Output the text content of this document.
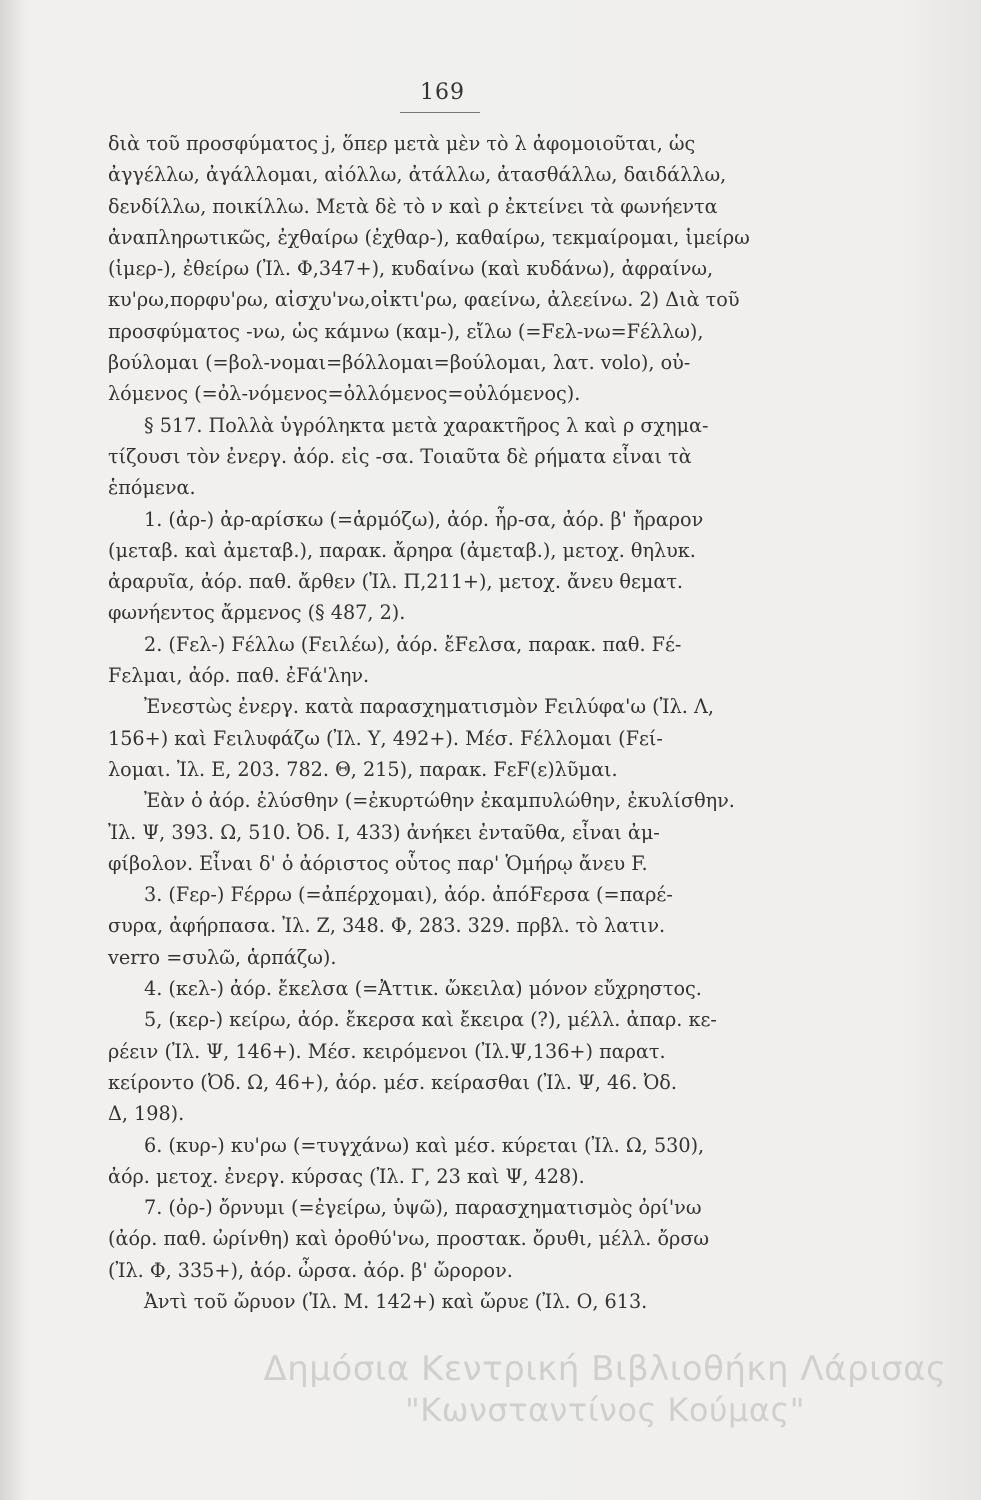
169
διὰ τοῦ προσφύματος j, ὅπερ μετὰ μὲν τὸ λ ἀφομοιοῦται, ὡς
ἀγγέλλω, ἀγάλλομαι, αἰόλλω, ἀτάλλω, ἀτασθάλλω, δαιδάλλω,
δενδίλλω, ποικίλλω. Μετὰ δὲ τὸ ν καὶ ρ ἐκτείνει τὰ φωνήεντα
ἀναπληρωτικῶς, ἐχθαίρω (ἐχθαρ-), καθαίρω, τεκμαίρομαι, ἱμείρω
(ἱμερ-), ἐθείρω (Ἰλ. Φ,347+), κυδαίνω (καὶ κυδάνω), ἀφραίνω,
κυ'ρω,πορφυ'ρω, αἰσχυ'νω,οἰκτι'ρω, φαείνω, ἀλεείνω. 2) Διὰ τοῦ
προσφύματος -νω, ὡς κάμνω (καμ-), εἴλω (=Fελ-νω=Fέλλω),
βούλομαι (=βολ-νομαι=βόλλομαι=βούλομαι, λατ. volo), οὐ-
λόμενος (=ὀλ-νόμενος=ὀλλόμενος=οὐλόμενος).
§ 517. Πολλὰ ὑγρόληκτα μετὰ χαρακτῆρος λ καὶ ρ σχημα-
τίζουσι τὸν ἐνεργ. ἀόρ. εἰς -σα. Τοιαῦτα δὲ ρήματα εἶναι τὰ
ἑπόμενα.
1. (ἀρ-) ἀρ-αρίσκω (=ἁρμόζω), ἀόρ. ἦρ-σα, ἀόρ. β' ἤραρον
(μεταβ. καὶ ἀμεταβ.), παρακ. ἄρηρα (ἀμεταβ.), μετοχ. θηλυκ.
ἀραρυῖα, ἀόρ. παθ. ἄρθεν (Ἰλ. Π,211+), μετοχ. ἄνευ θεματ.
φωνήεντος ἄρμενος (§ 487, 2).
2. (Fελ-) Fέλλω (Fειλέω), ἀόρ. ἔFελσα, παρακ. παθ. Fέ-
Fελμαι, ἀόρ. παθ. ἐFά'λην.
Ἐνεστὼς ἐνεργ. κατὰ παρασχηματισμὸν Fειλύφα'ω (Ἰλ. Λ,
156+) καὶ Fειλυφάζω (Ἰλ. Υ, 492+). Μέσ. Fέλλομαι (Fεί-
λομαι. Ἰλ. Ε, 203. 782. Θ, 215), παρακ. FεF(ε)λῦμαι.
Ἐὰν ὁ ἀόρ. ἐλύσθην (=ἐκυρτώθην ἐκαμπυλώθην, ἐκυλίσθην.
Ἰλ. Ψ, 393. Ω, 510. Ὀδ. Ι, 433) ἀνήκει ἐνταῦθα, εἶναι ἀμ-
φίβολον. Εἶναι δ' ὁ ἀόριστος οὗτος παρ' Ὁμήρῳ ἄνευ F.
3. (Fερ-) Fέρρω (=ἀπέρχομαι), ἀόρ. ἀπόFερσα (=παρέ-
συρα, ἀφήρπασα. Ἰλ. Ζ, 348. Φ, 283. 329. πρβλ. τὸ λατιν.
verro =συλῶ, ἁρπάζω).
4. (κελ-) ἀόρ. ἔκελσα (=Ἀττικ. ὤκειλα) μόνον εὔχρηστος.
5, (κερ-) κείρω, ἀόρ. ἔκερσα καὶ ἔκειρα (?), μέλλ. ἀπαρ. κε-
ρέειν (Ἰλ. Ψ, 146+). Μέσ. κειρόμενοι (Ἰλ.Ψ,136+) παρατ.
κείροντο (Ὀδ. Ω, 46+), ἀόρ. μέσ. κείρασθαι (Ἰλ. Ψ, 46. Ὀδ.
Δ, 198).
6. (κυρ-) κυ'ρω (=τυγχάνω) καὶ μέσ. κύρεται (Ἰλ. Ω, 530),
ἀόρ. μετοχ. ἐνεργ. κύρσας (Ἰλ. Γ, 23 καὶ Ψ, 428).
7. (ὀρ-) ὄρνυμι (=ἐγείρω, ὑψῶ), παρασχηματισμὸς ὀρί'νω
(ἀόρ. παθ. ὠρίνθη) καὶ ὀροθύ'νω, προστακ. ὄρυθι, μέλλ. ὄρσω
(Ἰλ. Φ, 335+), ἀόρ. ὦρσα. ἀόρ. β' ὤρορον.
Ἀντὶ τοῦ ὤρυον (Ἰλ. Μ. 142+) καὶ ὤρυε (Ἰλ. Ο, 613.
Δημόσια Κεντρική Βιβλιοθήκη Λάρισας
"Κωνσταντίνος Κούμας"
